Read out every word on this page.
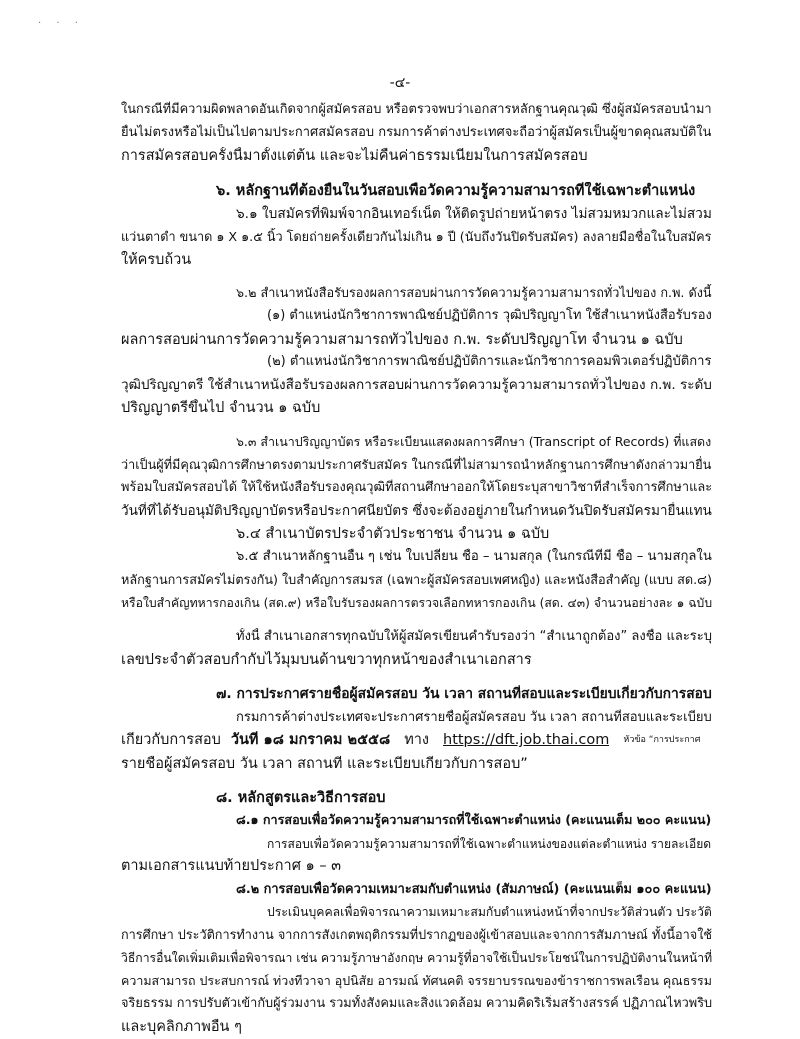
· · ·
-๔-
ในกรณีที่มีความผิดพลาดอันเกิดจากผู้สมัครสอบ หรือตรวจพบว่าเอกสารหลักฐานคุณวุฒิ ซึ่งผู้สมัครสอบนำมา
ยื่นไม่ตรงหรือไม่เป็นไปตามประกาศสมัครสอบ กรมการค้าต่างประเทศจะถือว่าผู้สมัครเป็นผู้ขาดคุณสมบัติใน
การสมัครสอบครั้งนี้มาตั้งแต่ต้น และจะไม่คืนค่าธรรมเนียมในการสมัครสอบ
๖. หลักฐานที่ต้องยื่นในวันสอบเพื่อวัดความรู้ความสามารถที่ใช้เฉพาะตำแหน่ง
๖.๑ ใบสมัครที่พิมพ์จากอินเทอร์เน็ต ให้ติดรูปถ่ายหน้าตรง ไม่สวมหมวกและไม่สวม
แว่นตาดำ ขนาด ๑ X ๑.๕ นิ้ว โดยถ่ายครั้งเดียวกันไม่เกิน ๑ ปี (นับถึงวันปิดรับสมัคร) ลงลายมือชื่อในใบสมัคร
ให้ครบถ้วน
๖.๒ สำเนาหนังสือรับรองผลการสอบผ่านการวัดความรู้ความสามารถทั่วไปของ ก.พ. ดังนี้
(๑) ตำแหน่งนักวิชาการพาณิชย์ปฏิบัติการ วุฒิปริญญาโท ใช้สำเนาหนังสือรับรอง
ผลการสอบผ่านการวัดความรู้ความสามารถทั่วไปของ ก.พ. ระดับปริญญาโท จำนวน ๑ ฉบับ
(๒) ตำแหน่งนักวิชาการพาณิชย์ปฏิบัติการและนักวิชาการคอมพิวเตอร์ปฏิบัติการ
วุฒิปริญญาตรี ใช้สำเนาหนังสือรับรองผลการสอบผ่านการวัดความรู้ความสามารถทั่วไปของ ก.พ. ระดับ
ปริญญาตรีขึ้นไป จำนวน ๑ ฉบับ
๖.๓ สำเนาปริญญาบัตร หรือระเบียนแสดงผลการศึกษา (Transcript of Records) ที่แสดง
ว่าเป็นผู้ที่มีคุณวุฒิการศึกษาตรงตามประกาศรับสมัคร ในกรณีที่ไม่สามารถนำหลักฐานการศึกษาดังกล่าวมายื่น
พร้อมใบสมัครสอบได้ ให้ใช้หนังสือรับรองคุณวุฒิที่สถานศึกษาออกให้โดยระบุสาขาวิชาที่สำเร็จการศึกษาและ
วันที่ที่ได้รับอนุมัติปริญญาบัตรหรือประกาศนียบัตร ซึ่งจะต้องอยู่ภายในกำหนดวันปิดรับสมัครมายื่นแทน
๖.๔ สำเนาบัตรประจำตัวประชาชน จำนวน ๑ ฉบับ
๖.๕ สำเนาหลักฐานอื่น ๆ เช่น ใบเปลี่ยน ชื่อ – นามสกุล (ในกรณีที่มี ชื่อ – นามสกุลใน
หลักฐานการสมัครไม่ตรงกัน) ใบสำคัญการสมรส (เฉพาะผู้สมัครสอบเพศหญิง) และหนังสือสำคัญ (แบบ สด.๘)
หรือใบสำคัญทหารกองเกิน (สด.๙) หรือใบรับรองผลการตรวจเลือกทหารกองเกิน (สด. ๔๓) จำนวนอย่างละ ๑ ฉบับ
ทั้งนี้ สำเนาเอกสารทุกฉบับให้ผู้สมัครเขียนคำรับรองว่า “สำเนาถูกต้อง” ลงชื่อ และระบุ
เลขประจำตัวสอบกำกับไว้มุมบนด้านขวาทุกหน้าของสำเนาเอกสาร
๗. การประกาศรายชื่อผู้สมัครสอบ วัน เวลา สถานที่สอบและระเบียบเกี่ยวกับการสอบ
กรมการค้าต่างประเทศจะประกาศรายชื่อผู้สมัครสอบ วัน เวลา สถานที่สอบและระเบียบ
เกี่ยวกับการสอบ วันที่ ๑๘ มกราคม ๒๕๕๘ ทาง https://dft.job.thai.com หัวข้อ “การประกาศ
รายชื่อผู้สมัครสอบ วัน เวลา สถานที่ และระเบียบเกี่ยวกับการสอบ”
๘. หลักสูตรและวิธีการสอบ
๘.๑ การสอบเพื่อวัดความรู้ความสามารถที่ใช้เฉพาะตำแหน่ง (คะแนนเต็ม ๒๐๐ คะแนน)
การสอบเพื่อวัดความรู้ความสามารถที่ใช้เฉพาะตำแหน่งของแต่ละตำแหน่ง รายละเอียด
ตามเอกสารแนบท้ายประกาศ ๑ – ๓
๘.๒ การสอบเพื่อวัดความเหมาะสมกับตำแหน่ง (สัมภาษณ์) (คะแนนเต็ม ๑๐๐ คะแนน)
ประเมินบุคคลเพื่อพิจารณาความเหมาะสมกับตำแหน่งหน้าที่จากประวัติส่วนตัว ประวัติ
การศึกษา ประวัติการทำงาน จากการสังเกตพฤติกรรมที่ปรากฏของผู้เข้าสอบและจากการสัมภาษณ์ ทั้งนี้อาจใช้
วิธีการอื่นใดเพิ่มเติมเพื่อพิจารณา เช่น ความรู้ภาษาอังกฤษ ความรู้ที่อาจใช้เป็นประโยชน์ในการปฏิบัติงานในหน้าที่
ความสามารถ ประสบการณ์ ท่วงทีวาจา อุปนิสัย อารมณ์ ทัศนคติ จรรยาบรรณของข้าราชการพลเรือน คุณธรรม
จริยธรรม การปรับตัวเข้ากับผู้ร่วมงาน รวมทั้งสังคมและสิ่งแวดล้อม ความคิดริเริ่มสร้างสรรค์ ปฏิภาณไหวพริบ
และบุคลิกภาพอื่น ๆ
